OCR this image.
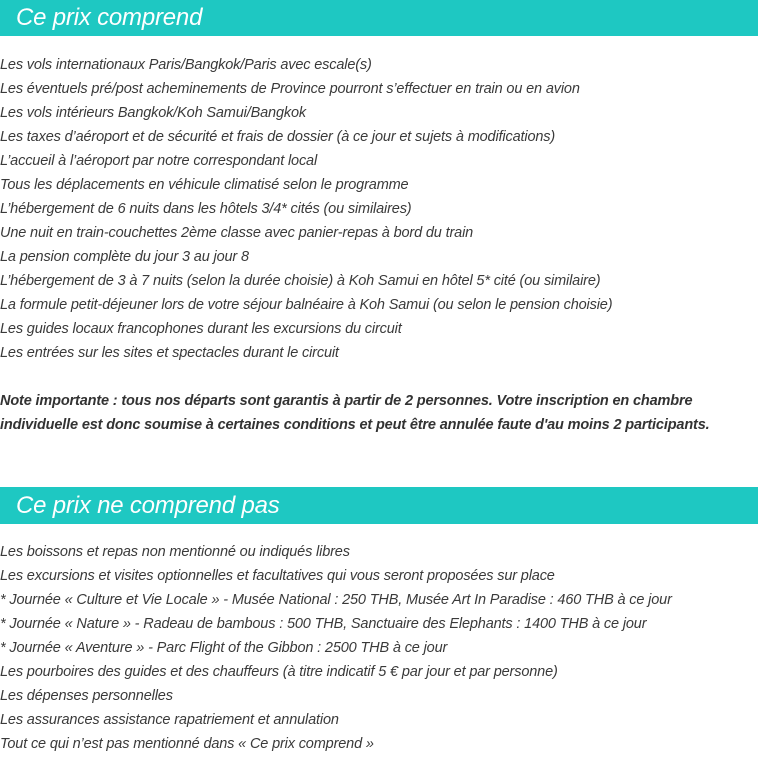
Ce prix comprend
Les vols internationaux Paris/Bangkok/Paris avec escale(s)
Les éventuels pré/post acheminements de Province pourront s’effectuer en train ou en avion
Les vols intérieurs Bangkok/Koh Samui/Bangkok
Les taxes d’aéroport et de sécurité et frais de dossier (à ce jour et sujets à modifications)
L’accueil à l’aéroport par notre correspondant local
Tous les déplacements en véhicule climatisé selon le programme
L’hébergement de 6 nuits dans les hôtels 3/4* cités (ou similaires)
Une nuit en train-couchettes 2ème classe avec panier-repas à bord du train
La pension complète du jour 3 au jour 8
L’hébergement de 3 à 7 nuits (selon la durée choisie) à Koh Samui en hôtel 5* cité (ou similaire)
La formule petit-déjeuner lors de votre séjour balnéaire à Koh Samui (ou selon le pension choisie)
Les guides locaux francophones durant les excursions du circuit
Les entrées sur les sites et spectacles durant le circuit

Note importante : tous nos départs sont garantis à partir de 2 personnes. Votre inscription en chambre
individuelle est donc soumise à certaines conditions et peut être annulée faute d'au moins 2 participants.

Ce prix ne comprend pas
Les boissons et repas non mentionné ou indiqués libres
Les excursions et visites optionnelles et facultatives qui vous seront proposées sur place
* Journée « Culture et Vie Locale » - Musée National : 250 THB, Musée Art In Paradise : 460 THB à ce jour
* Journée « Nature » - Radeau de bambous : 500 THB, Sanctuaire des Elephants : 1400 THB à ce jour
* Journée « Aventure » - Parc Flight of the Gibbon : 2500 THB à ce jour
Les pourboires des guides et des chauffeurs (à titre indicatif 5 € par jour et par personne)
Les dépenses personnelles
Les assurances assistance rapatriement et annulation
Tout ce qui n’est pas mentionné dans « Ce prix comprend »
